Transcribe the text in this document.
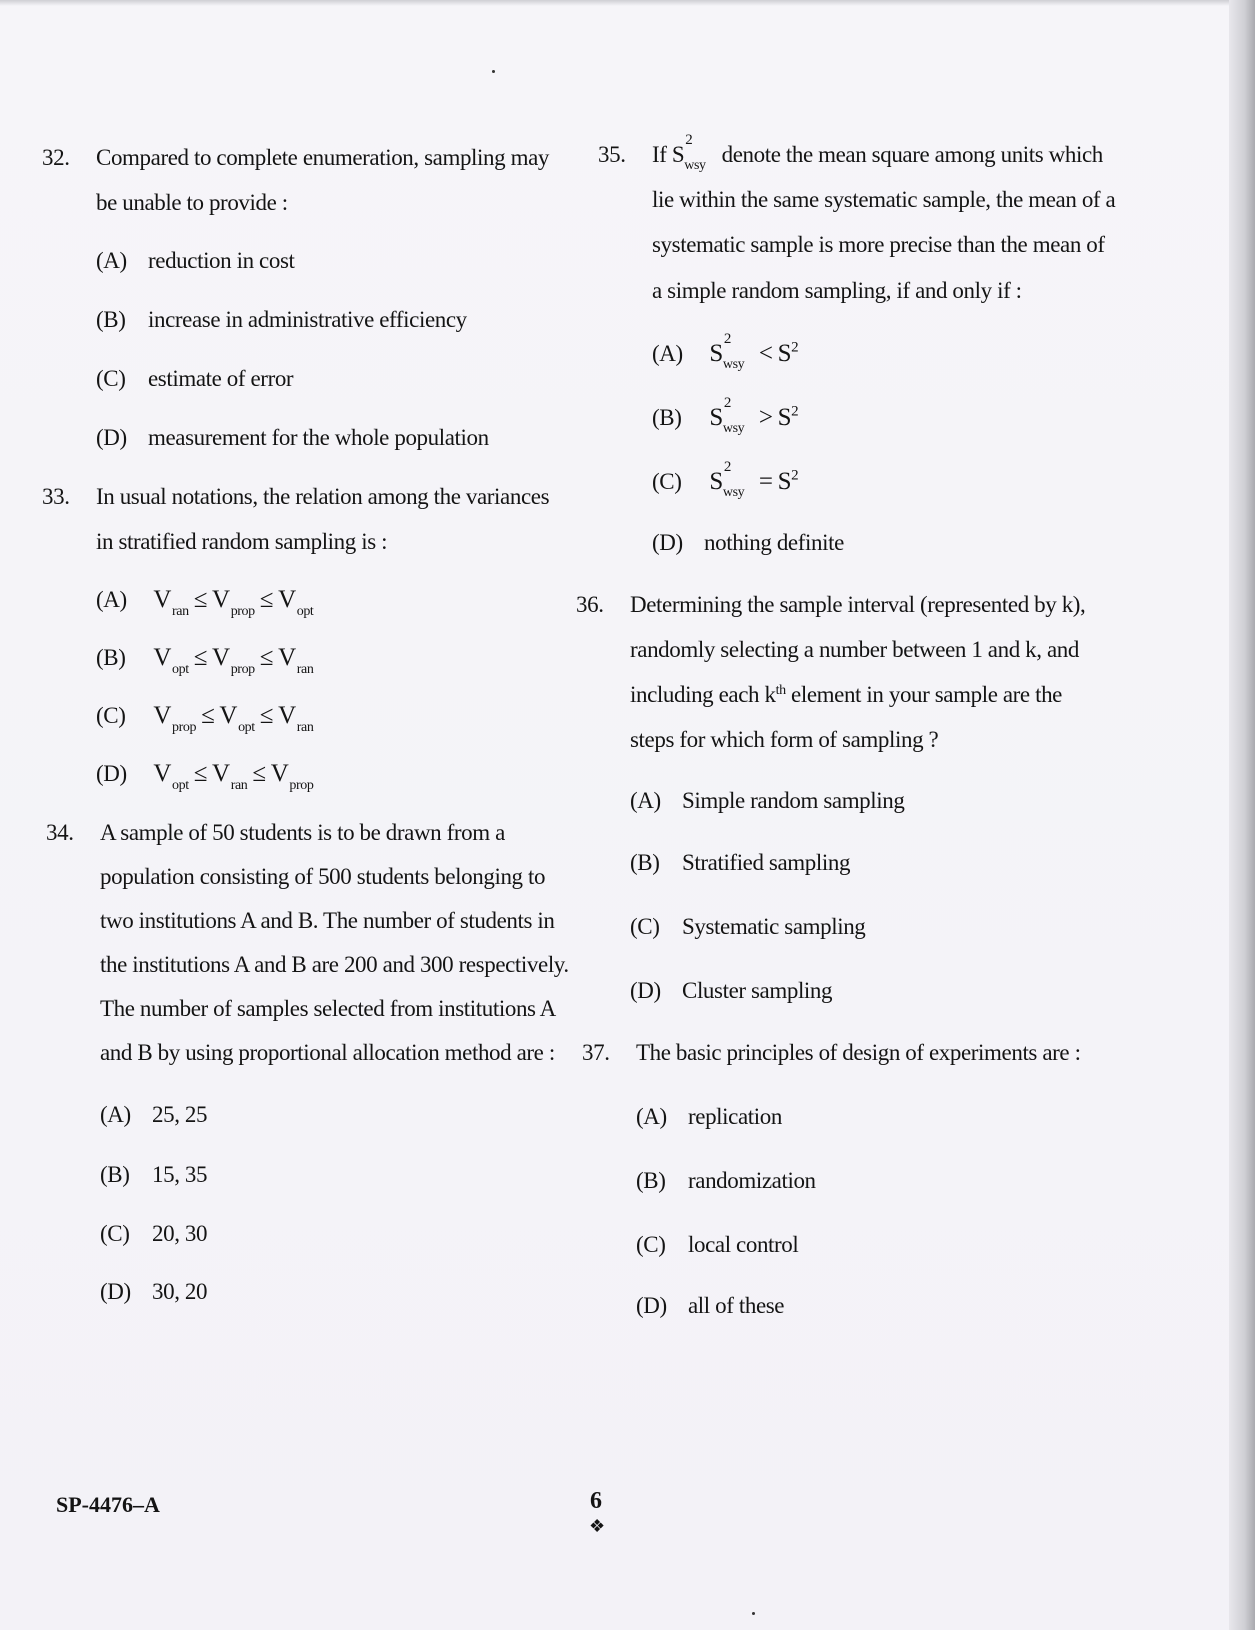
32. Compared to complete enumeration, sampling may
be unable to provide :
(A) reduction in cost
(B) increase in administrative efficiency
(C) estimate of error
(D) measurement for the whole population
33. In usual notations, the relation among the variances
in stratified random sampling is :
(A) $V_{ran} \le V_{prop} \le V_{opt}$
(B) $V_{opt} \le V_{prop} \le V_{ran}$
(C) $V_{prop} \le V_{opt} \le V_{ran}$
(D) $V_{opt} \le V_{ran} \le V_{prop}$
34. A sample of 50 students is to be drawn from a
population consisting of 500 students belonging to
two institutions A and B. The number of students in
the institutions A and B are 200 and 300 respectively.
The number of samples selected from institutions A
and B by using proportional allocation method are :
(A) 25, 25
(B) 15, 35
(C) 20, 30
(D) 30, 20
35. If S
2
wsy denote the mean square among units which
lie within the same systematic sample, the mean of a
systematic sample is more precise than the mean of
a simple random sampling, if and only if :
(A) S
2
wsy < $S^2$
(B) S
2
wsy > $S^2$
(C) S
2
wsy = $S^2$
(D) nothing definite
36. Determining the sample interval (represented by k),
randomly selecting a number between 1 and k, and
including each $k^{th}$ element in your sample are the
steps for which form of sampling ?
(A) Simple random sampling
(B) Stratified sampling
(C) Systematic sampling
(D) Cluster sampling
37. The basic principles of design of experiments are :
(A) replication
(B) randomization
(C) local control
(D) all of these
SP-4476–A	6
❖
